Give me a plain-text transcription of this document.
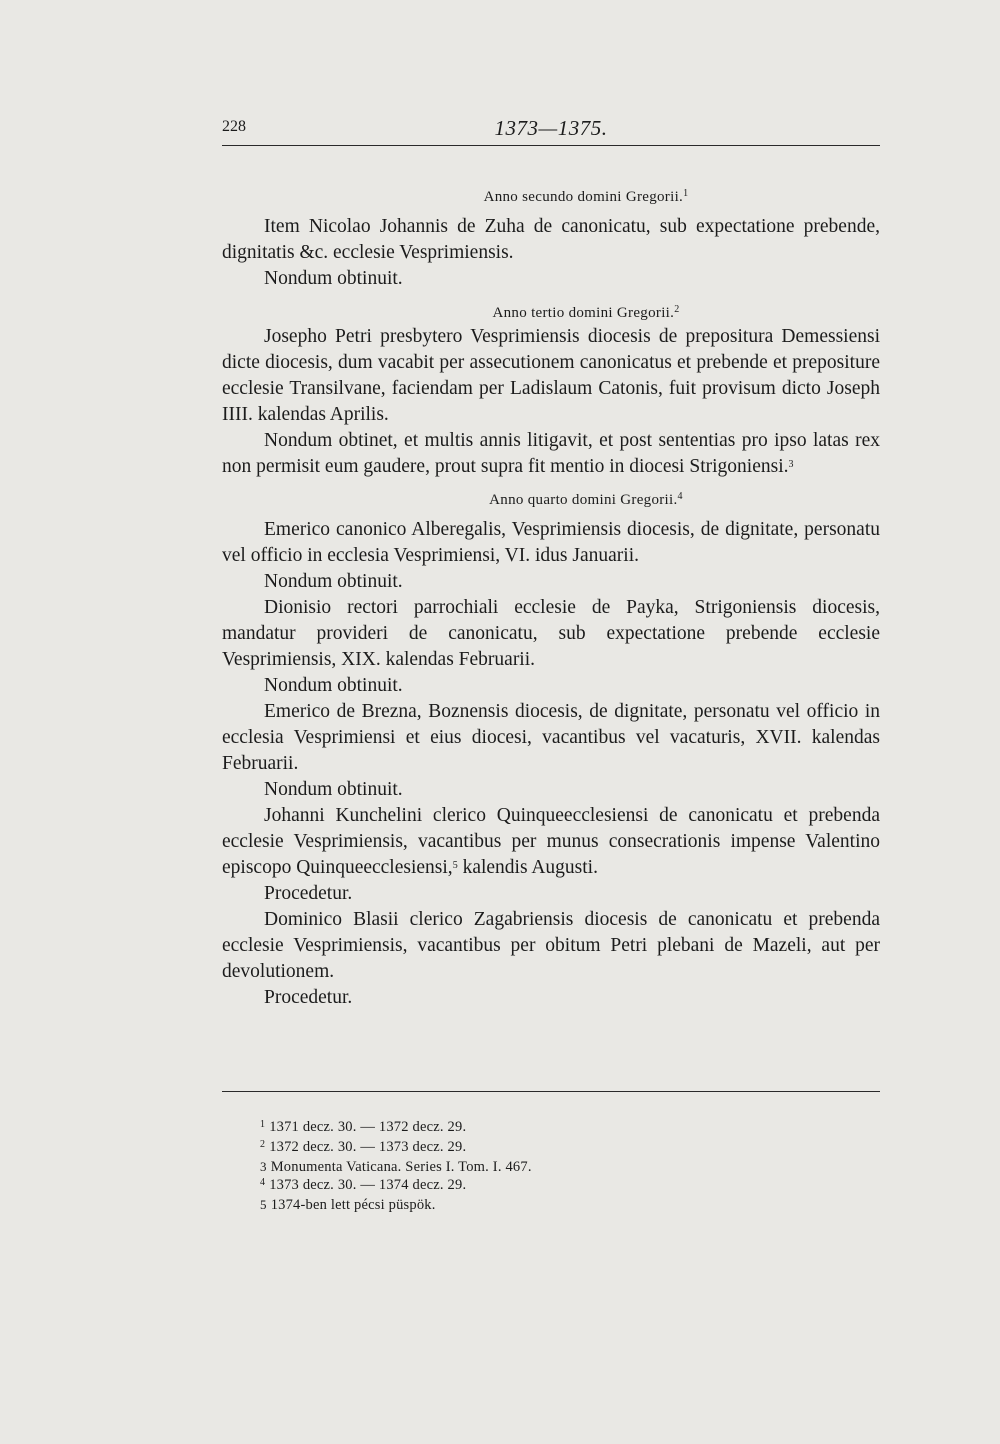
228	1373—1375.

Anno secundo domini Gregorii.$^1$

Item Nicolao Johannis de Zuha de canonicatu, sub expectatione prebende, dignitatis &c. ecclesie Vesprimiensis.

Nondum obtinuit.

Anno tertio domini Gregorii.$^2$

Josepho Petri presbytero Vesprimiensis diocesis de prepositura Demessiensi dicte diocesis, dum vacabit per assecutionem canonicatus et prebende et prepositure ecclesie Transilvane, faciendam per Ladislaum Catonis, fuit provisum dicto Joseph IIII. kalendas Aprilis.

Nondum obtinet, et multis annis litigavit, et post sententias pro ipso latas rex non permisit eum gaudere, prout supra fit mentio in diocesi Strigoniensi.$^3$

Anno quarto domini Gregorii.$^4$

Emerico canonico Alberegalis, Vesprimiensis diocesis, de dignitate, personatu vel officio in ecclesia Vesprimiensi, VI. idus Januarii.

Nondum obtinuit.

Dionisio rectori parrochiali ecclesie de Payka, Strigoniensis diocesis, mandatur provideri de canonicatu, sub expectatione prebende ecclesie Vesprimiensis, XIX. kalendas Februarii.

Nondum obtinuit.

Emerico de Brezna, Boznensis diocesis, de dignitate, personatu vel officio in ecclesia Vesprimiensi et eius diocesi, vacantibus vel vacaturis, XVII. kalendas Februarii.

Nondum obtinuit.

Johanni Kunchelini clerico Quinqueecclesiensi de canonicatu et prebenda ecclesie Vesprimiensis, vacantibus per munus consecrationis impense Valentino episcopo Quinqueecclesiensi,$^5$ kalendis Augusti.

Procedetur.

Dominico Blasii clerico Zagabriensis diocesis de canonicatu et prebenda ecclesie Vesprimiensis, vacantibus per obitum Petri plebani de Mazeli, aut per devolutionem.

Procedetur.

$^1$ 1371 decz. 30. — 1372 decz. 29.

$^2$ 1372 decz. 30. — 1373 decz. 29.

3 Monumenta Vaticana. Series I. Tom. I. 467.

$^4$ 1373 decz. 30. — 1374 decz. 29.

5 1374-ben lett pécsi püspök.
